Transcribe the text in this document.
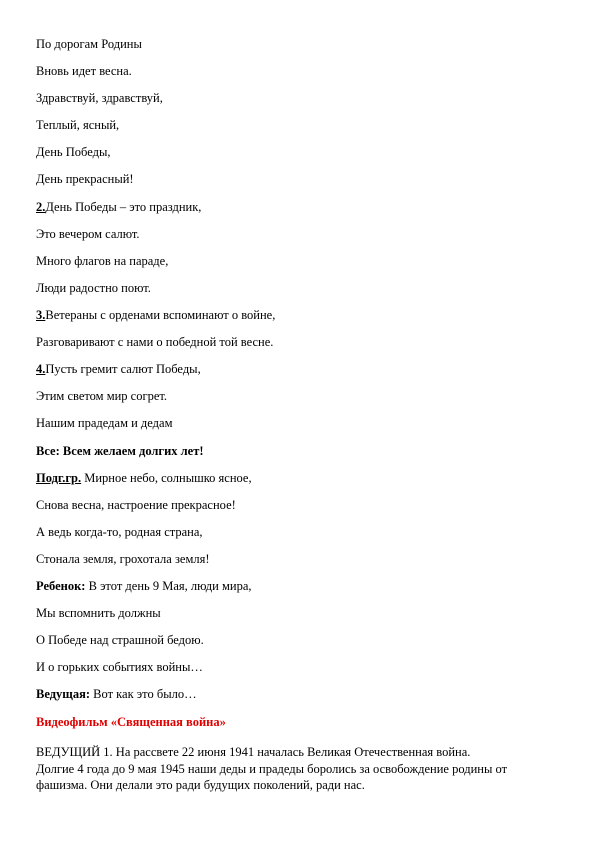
По дорогам Родины
Вновь идет весна.
Здравствуй, здравствуй,
Теплый, ясный,
День Победы,
День прекрасный!
2.День Победы – это праздник,
Это вечером салют.
Много флагов на параде,
Люди радостно поют.
3.Ветераны с орденами вспоминают о войне,
Разговаривают с нами о победной той весне.
4.Пусть гремит салют Победы,
Этим светом мир согрет.
Нашим прадедам и дедам
Все: Всем желаем долгих лет!
Подг.гр. Мирное небо, солнышко ясное,
Снова весна, настроение прекрасное!
А ведь когда-то, родная страна,
Стонала земля, грохотала земля!
Ребенок: В этот день 9 Мая, люди мира,
Мы вспомнить должны
О Победе над страшной бедою.
И о горьких событиях войны…
Ведущая: Вот как это было…
Видеофильм «Священная война»
ВЕДУЩИЙ 1. На рассвете 22 июня 1941 началась Великая Отечественная война.
Долгие 4 года до 9 мая 1945 наши деды и прадеды боролись за освобождение родины от
фашизма. Они делали это ради будущих поколений, ради нас.
